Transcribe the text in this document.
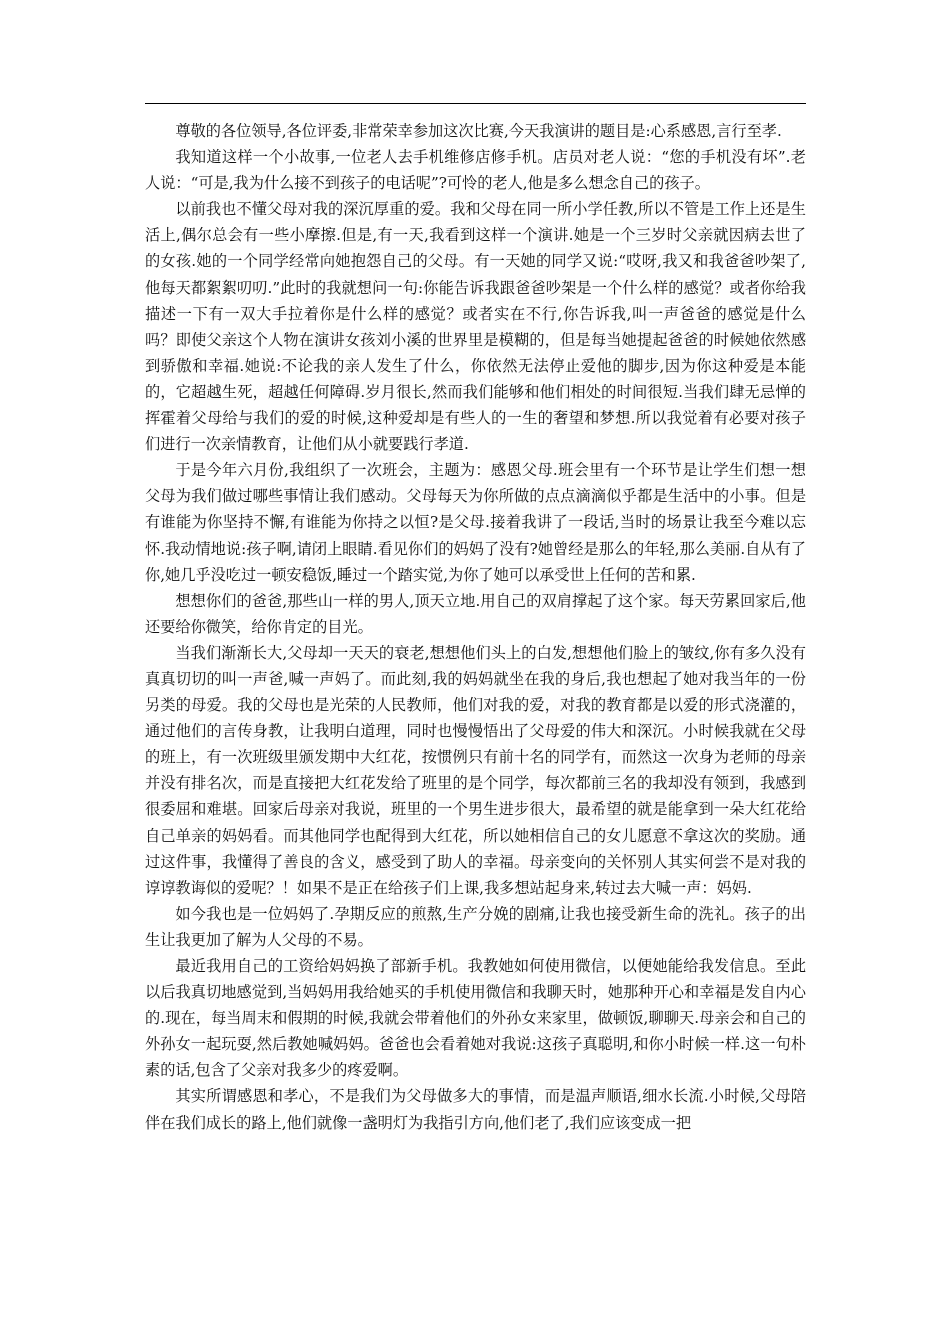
尊敬的各位领导,各位评委,非常荣幸参加这次比赛,今天我演讲的题目是:心系感恩,言行至孝.

我知道这样一个小故事,一位老人去手机维修店修手机。店员对老人说：“您的手机没有坏”.老人说：“可是,我为什么接不到孩子的电话呢”?可怜的老人,他是多么想念自己的孩子。

以前我也不懂父母对我的深沉厚重的爱。我和父母在同一所小学任教,所以不管是工作上还是生活上,偶尔总会有一些小摩擦.但是,有一天,我看到这样一个演讲.她是一个三岁时父亲就因病去世了的女孩.她的一个同学经常向她抱怨自己的父母。有一天她的同学又说:“哎呀,我又和我爸爸吵架了,他每天都絮絮叨叨.”此时的我就想问一句:你能告诉我跟爸爸吵架是一个什么样的感觉？或者你给我描述一下有一双大手拉着你是什么样的感觉？或者实在不行,你告诉我,叫一声爸爸的感觉是什么吗？即使父亲这个人物在演讲女孩刘小溪的世界里是模糊的，但是每当她提起爸爸的时候她依然感到骄傲和幸福.她说:不论我的亲人发生了什么，你依然无法停止爱他的脚步,因为你这种爱是本能的，它超越生死，超越任何障碍.岁月很长,然而我们能够和他们相处的时间很短.当我们肆无忌惮的挥霍着父母给与我们的爱的时候,这种爱却是有些人的一生的奢望和梦想.所以我觉着有必要对孩子们进行一次亲情教育，让他们从小就要践行孝道.

于是今年六月份,我组织了一次班会，主题为：感恩父母.班会里有一个环节是让学生们想一想父母为我们做过哪些事情让我们感动。父母每天为你所做的点点滴滴似乎都是生活中的小事。但是有谁能为你坚持不懈,有谁能为你持之以恒?是父母.接着我讲了一段话,当时的场景让我至今难以忘怀.我动情地说:孩子啊,请闭上眼睛.看见你们的妈妈了没有?她曾经是那么的年轻,那么美丽.自从有了你,她几乎没吃过一顿安稳饭,睡过一个踏实觉,为你了她可以承受世上任何的苦和累.

想想你们的爸爸,那些山一样的男人,顶天立地.用自己的双肩撑起了这个家。每天劳累回家后,他还要给你微笑，给你肯定的目光。

当我们渐渐长大,父母却一天天的衰老,想想他们头上的白发,想想他们脸上的皱纹,你有多久没有真真切切的叫一声爸,喊一声妈了。而此刻,我的妈妈就坐在我的身后,我也想起了她对我当年的一份另类的母爱。我的父母也是光荣的人民教师，他们对我的爱，对我的教育都是以爱的形式浇灌的，通过他们的言传身教，让我明白道理，同时也慢慢悟出了父母爱的伟大和深沉。小时候我就在父母的班上，有一次班级里颁发期中大红花，按惯例只有前十名的同学有，而然这一次身为老师的母亲并没有排名次，而是直接把大红花发给了班里的是个同学，每次都前三名的我却没有领到，我感到很委屈和难堪。回家后母亲对我说，班里的一个男生进步很大，最希望的就是能拿到一朵大红花给自己单亲的妈妈看。而其他同学也配得到大红花，所以她相信自己的女儿愿意不拿这次的奖励。通过这件事，我懂得了善良的含义，感受到了助人的幸福。母亲变向的关怀别人其实何尝不是对我的谆谆教诲似的爱呢？！如果不是正在给孩子们上课,我多想站起身来,转过去大喊一声：妈妈.

如今我也是一位妈妈了.孕期反应的煎熬,生产分娩的剧痛,让我也接受新生命的洗礼。孩子的出生让我更加了解为人父母的不易。

最近我用自己的工资给妈妈换了部新手机。我教她如何使用微信，以便她能给我发信息。至此以后我真切地感觉到,当妈妈用我给她买的手机使用微信和我聊天时，她那种开心和幸福是发自内心的.现在，每当周末和假期的时候,我就会带着他们的外孙女来家里，做顿饭,聊聊天.母亲会和自己的外孙女一起玩耍,然后教她喊妈妈。爸爸也会看着她对我说:这孩子真聪明,和你小时候一样.这一句朴素的话,包含了父亲对我多少的疼爱啊。

其实所谓感恩和孝心，不是我们为父母做多大的事情，而是温声顺语,细水长流.小时候,父母陪伴在我们成长的路上,他们就像一盏明灯为我指引方向,他们老了,我们应该变成一把
